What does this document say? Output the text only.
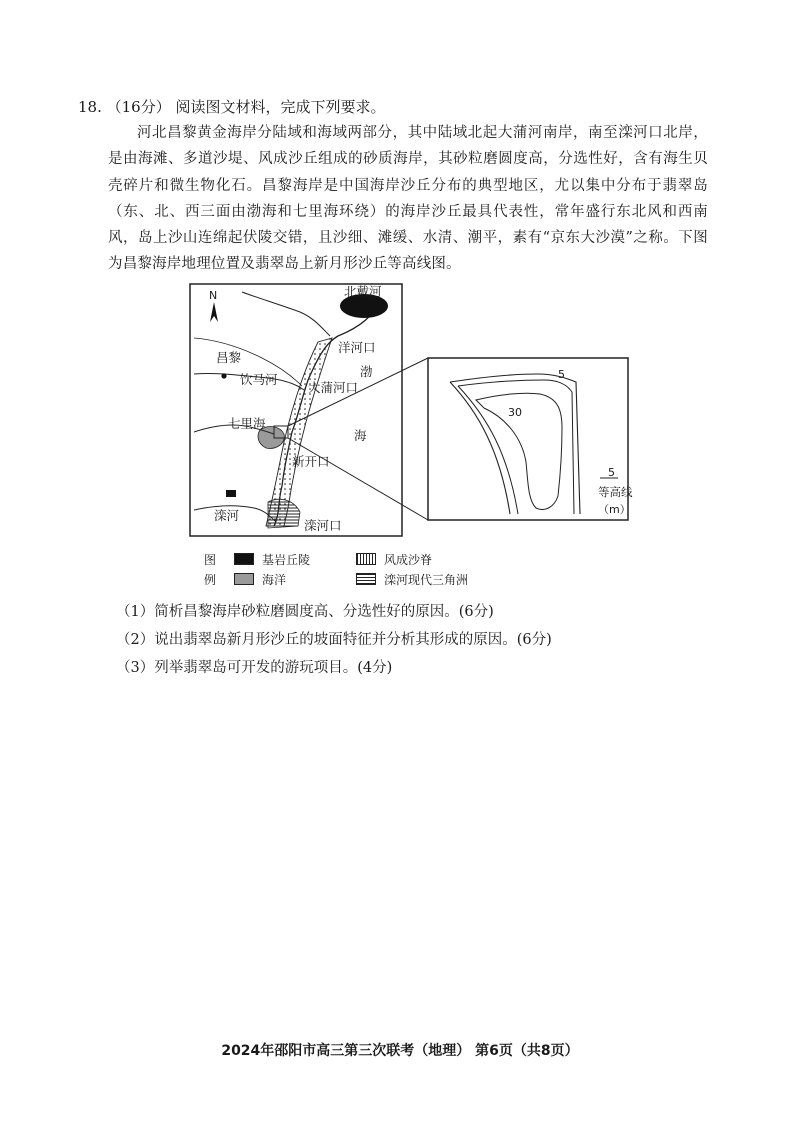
18. （16分） 阅读图文材料，完成下列要求。

河北昌黎黄金海岸分陆域和海域两部分，其中陆域北起大蒲河南岸，南至滦河口北岸，是由海滩、多道沙堤、风成沙丘组成的砂质海岸，其砂粒磨圆度高，分选性好，含有海生贝壳碎片和微生物化石。昌黎海岸是中国海岸沙丘分布的典型地区，尤以集中分布于翡翠岛（东、北、西三面由渤海和七里海环绕）的海岸沙丘最具代表性，常年盛行东北风和西南风，岛上沙山连绵起伏陵交错，且沙细、滩缓、水清、潮平，素有“京东大沙漠”之称。下图为昌黎海岸地理位置及翡翠岛上新月形沙丘等高线图。

北戴河
N
洋河口
昌黎
饮马河
渤
大蒲河口
七里海
海
新开口
滦河
滦河口
5
30
5
等高线
（m）
图
例
基岩丘陵	风成沙脊
海洋	滦河现代三角洲
（1）简析昌黎海岸砂粒磨圆度高、分选性好的原因。(6分)
（2）说出翡翠岛新月形沙丘的坡面特征并分析其形成的原因。(6分)
（3）列举翡翠岛可开发的游玩项目。(4分)
2024年邵阳市高三第三次联考（地理） 第6页（共8页）
